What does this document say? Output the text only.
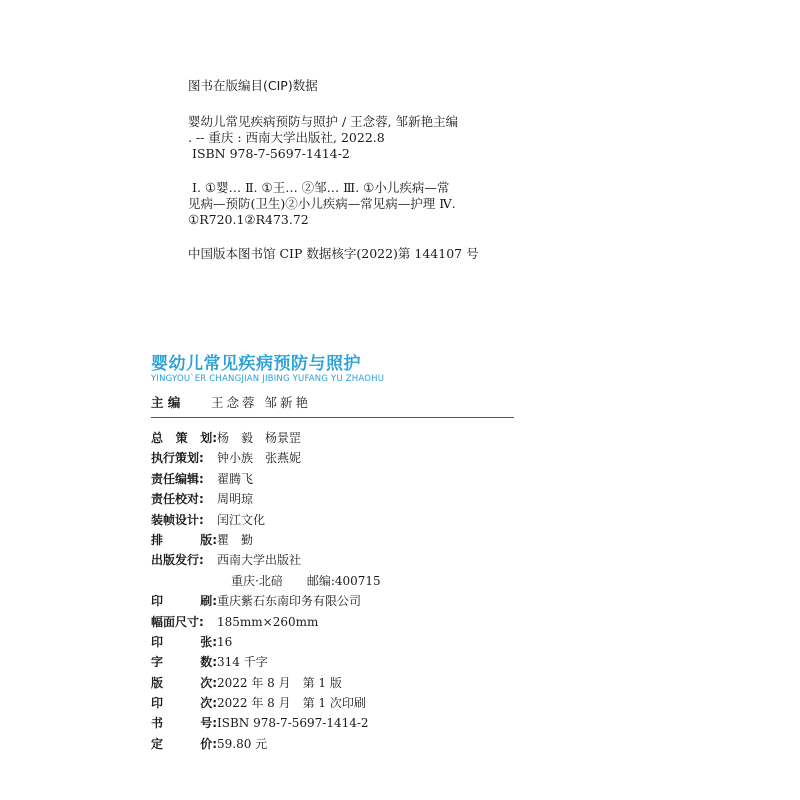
图书在版编目(CIP)数据
婴幼儿常见疾病预防与照护 / 王念蓉, 邹新艳主编
. -- 重庆 : 西南大学出版社, 2022.8
ISBN 978-7-5697-1414-2
Ⅰ. ①婴… Ⅱ. ①王… ②邹… Ⅲ. ①小儿疾病—常
见病—预防(卫生)②小儿疾病—常见病—护理 Ⅳ.
①R720.1②R473.72
中国版本图书馆 CIP 数据核字(2022)第 144107 号
婴幼儿常见疾病预防与照护
YINGYOUˋER CHANGJIAN JIBING YUFANG YU ZHAOHU
主 编 王念蓉 邹新艳
总 策 划: 杨　毅　杨景罡
执行策划: 钟小族　张燕妮
责任编辑: 翟腾飞
责任校对: 周明琼
装帧设计: 闰江文化
排	版: 瞿　勤
出版发行: 西南大学出版社
重庆·北碚　　邮编:400715
印	刷: 重庆紫石东南印务有限公司
幅面尺寸: 185mm×260mm
印	张: 16
字	数: 314 千字
版	次: 2022 年 8 月　第 1 版
印	次: 2022 年 8 月　第 1 次印刷
书	号: ISBN 978-7-5697-1414-2
定	价: 59.80 元
